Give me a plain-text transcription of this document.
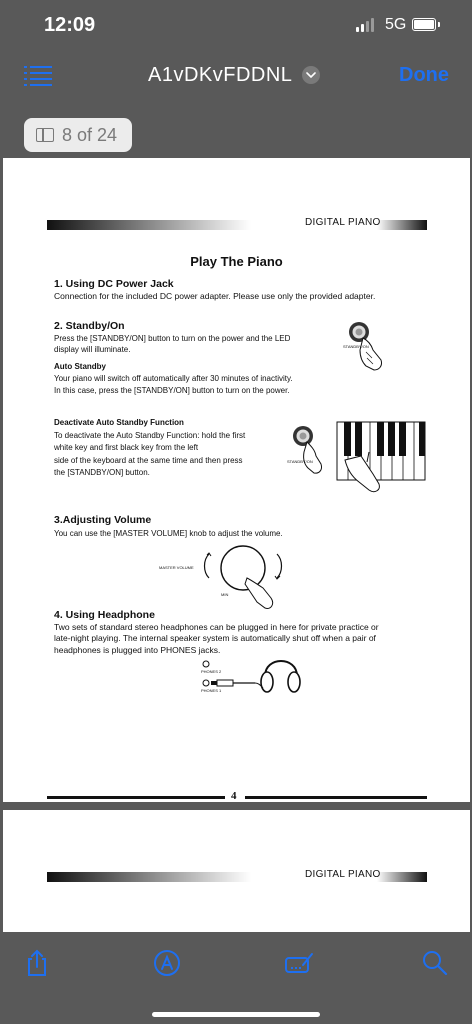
12:09	5G
A1vDKvFDDNL	Done
8 of 24
DIGITAL PIANO
Play The Piano
1. Using DC Power Jack
Connection for the included DC power adapter. Please use only the provided adapter.
2. Standby/On
Press the [STANDBY/ON] button to turn on the power and the LED
display will illuminate.
Auto Standby
Your piano will switch off automatically after 30 minutes of inactivity.
In this case, press the [STANDBY/ON] button to turn on the power.
Deactivate Auto Standby Function
To deactivate the Auto Standby Function: hold the first
white key and first black key from the left
side of the keyboard at the same time and then press
the [STANDBY/ON] button.
3.Adjusting Volume
You can use the [MASTER VOLUME] knob to adjust the volume.
4. Using Headphone
Two sets of standard stereo headphones can be plugged in here for private practice or
late-night playing. The internal speaker system is automatically shut off when a pair of
headphones is plugged into PHONES jacks.
STANDBY/ON
STANDBY/ON
MASTER VOLUME
MIN
PHONES 2
PHONES 1
4
DIGITAL PIANO
